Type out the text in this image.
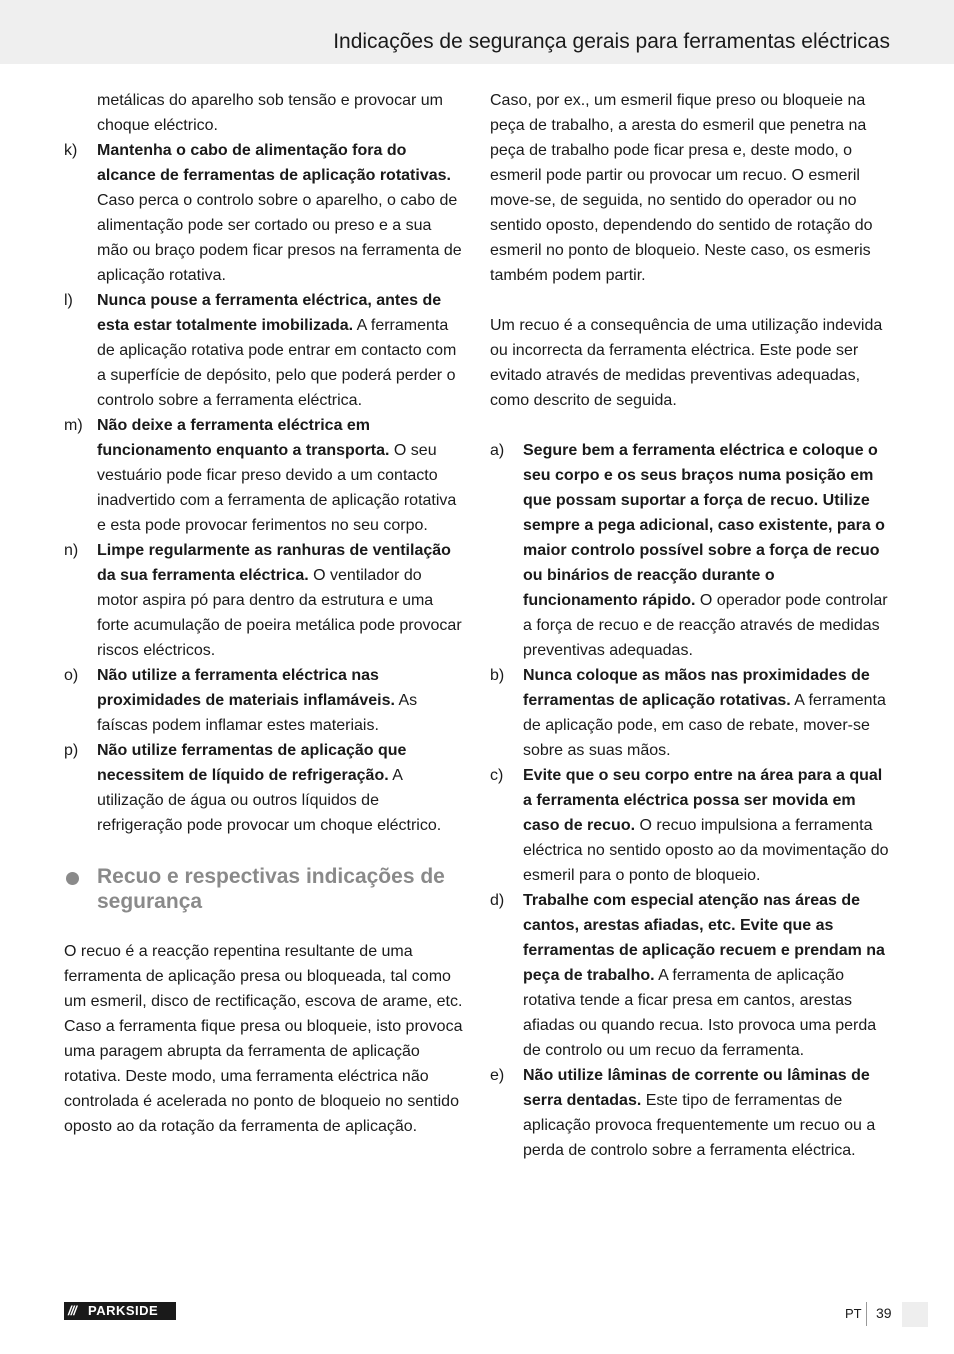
Indicações de segurança gerais para ferramentas eléctricas

metálicas do aparelho sob tensão e provocar um choque eléctrico.

k) Mantenha o cabo de alimentação fora do alcance de ferramentas de aplicação rotativas. Caso perca o controlo sobre o aparelho, o cabo de alimentação pode ser cortado ou preso e a sua mão ou braço podem ficar presos na ferramenta de aplicação rotativa.
l) Nunca pouse a ferramenta eléctrica, antes de esta estar totalmente imobilizada. A ferramenta de aplicação rotativa pode entrar em contacto com a superfície de depósito, pelo que poderá perder o controlo sobre a ferramenta eléctrica.
m) Não deixe a ferramenta eléctrica em funcionamento enquanto a transporta. O seu vestuário pode ficar preso devido a um contacto inadvertido com a ferramenta de aplicação rotativa e esta pode provocar ferimentos no seu corpo.
n) Limpe regularmente as ranhuras de ventilação da sua ferramenta eléctrica. O ventilador do motor aspira pó para dentro da estrutura e uma forte acumulação de poeira metálica pode provocar riscos eléctricos.
o) Não utilize a ferramenta eléctrica nas proximidades de materiais inflamáveis. As faíscas podem inflamar estes materiais.
p) Não utilize ferramentas de aplicação que necessitem de líquido de refrigeração. A utilização de água ou outros líquidos de refrigeração pode provocar um choque eléctrico.

Recuo e respectivas indicações de segurança

O recuo é a reacção repentina resultante de uma ferramenta de aplicação presa ou bloqueada, tal como um esmeril, disco de rectificação, escova de arame, etc. Caso a ferramenta fique presa ou bloqueie, isto provoca uma paragem abrupta da ferramenta de aplicação rotativa. Deste modo, uma ferramenta eléctrica não controlada é acelerada no ponto de bloqueio no sentido oposto ao da rotação da ferramenta de aplicação.

Caso, por ex., um esmeril fique preso ou bloqueie na peça de trabalho, a aresta do esmeril que penetra na peça de trabalho pode ficar presa e, deste modo, o esmeril pode partir ou provocar um recuo. O esmeril move-se, de seguida, no sentido do operador ou no sentido oposto, dependendo do sentido de rotação do esmeril no ponto de bloqueio. Neste caso, os esmeris também podem partir.

Um recuo é a consequência de uma utilização indevida ou incorrecta da ferramenta eléctrica. Este pode ser evitado através de medidas preventivas adequadas, como descrito de seguida.

a) Segure bem a ferramenta eléctrica e coloque o seu corpo e os seus braços numa posição em que possam suportar a força de recuo. Utilize sempre a pega adicional, caso existente, para o maior controlo possível sobre a força de recuo ou binários de reacção durante o funcionamento rápido. O operador pode controlar a força de recuo e de reacção através de medidas preventivas adequadas.
b) Nunca coloque as mãos nas proximidades de ferramentas de aplicação rotativas. A ferramenta de aplicação pode, em caso de rebate, mover-se sobre as suas mãos.
c) Evite que o seu corpo entre na área para a qual a ferramenta eléctrica possa ser movida em caso de recuo. O recuo impulsiona a ferramenta eléctrica no sentido oposto ao da movimentação do esmeril para o ponto de bloqueio.
d) Trabalhe com especial atenção nas áreas de cantos, arestas afiadas, etc. Evite que as ferramentas de aplicação recuem e prendam na peça de trabalho. A ferramenta de aplicação rotativa tende a ficar presa em cantos, arestas afiadas ou quando recua. Isto provoca uma perda de controlo ou um recuo da ferramenta.
e) Não utilize lâminas de corrente ou lâminas de serra dentadas. Este tipo de ferramentas de aplicação provoca frequentemente um recuo ou a perda de controlo sobre a ferramenta eléctrica.
/// PARKSIDE	PT 39
